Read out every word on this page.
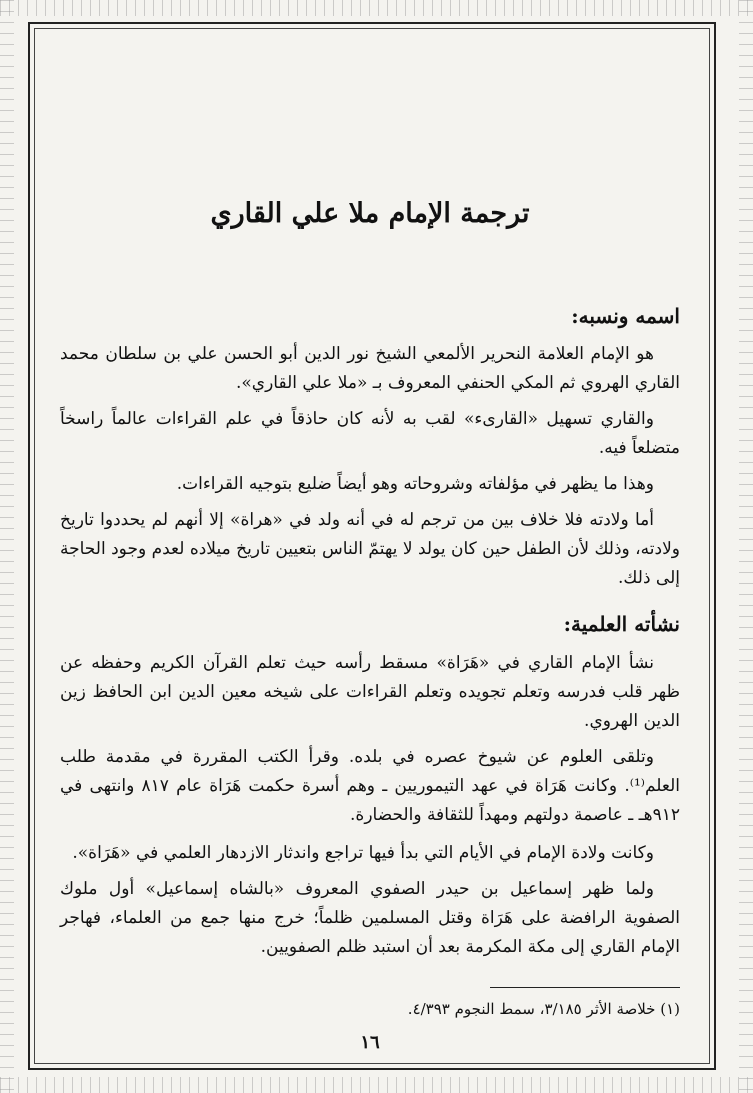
ترجمة الإمام ملا علي القاري
اسمه ونسبه:

هو الإمام العلامة النحرير الألمعي الشيخ نور الدين أبو الحسن علي بن سلطان محمد القاري الهروي ثم المكي الحنفي المعروف بـ «ملا علي القاري».

والقاري تسهيل «القارىء» لقب به لأنه كان حاذقاً في علم القراءات عالماً راسخاً متضلعاً فيه.

وهذا ما يظهر في مؤلفاته وشروحاته وهو أيضاً ضليع بتوجيه القراءات.

أما ولادته فلا خلاف بين من ترجم له في أنه ولد في «هراة» إلا أنهم لم يحددوا تاريخ ولادته، وذلك لأن الطفل حين كان يولد لا يهتمّ الناس بتعيين تاريخ ميلاده لعدم وجود الحاجة إلى ذلك.

نشأته العلمية:

نشأ الإمام القاري في «هَرَاة» مسقط رأسه حيث تعلم القرآن الكريم وحفظه عن ظهر قلب فدرسه وتعلم تجويده وتعلم القراءات على شيخه معين الدين ابن الحافظ زين الدين الهروي.

وتلقى العلوم عن شيوخ عصره في بلده. وقرأ الكتب المقررة في مقدمة طلب العلم⁽¹⁾. وكانت هَرَاة في عهد التيموريين ـ وهم أسرة حكمت هَرَاة عام ٨١٧ وانتهى في ٩١٢هـ ـ عاصمة دولتهم ومهداً للثقافة والحضارة.

وكانت ولادة الإمام في الأيام التي بدأ فيها تراجع واندثار الازدهار العلمي في «هَرَاة».

ولما ظهر إسماعيل بن حيدر الصفوي المعروف «بالشاه إسماعيل» أول ملوك الصفوية الرافضة على هَرَاة وقتل المسلمين ظلماً؛ خرج منها جمع من العلماء، فهاجر الإمام القاري إلى مكة المكرمة بعد أن استبد ظلم الصفويين.

(١) خلاصة الأثر ٣/١٨٥، سمط النجوم ٤/٣٩٣.

١٦
